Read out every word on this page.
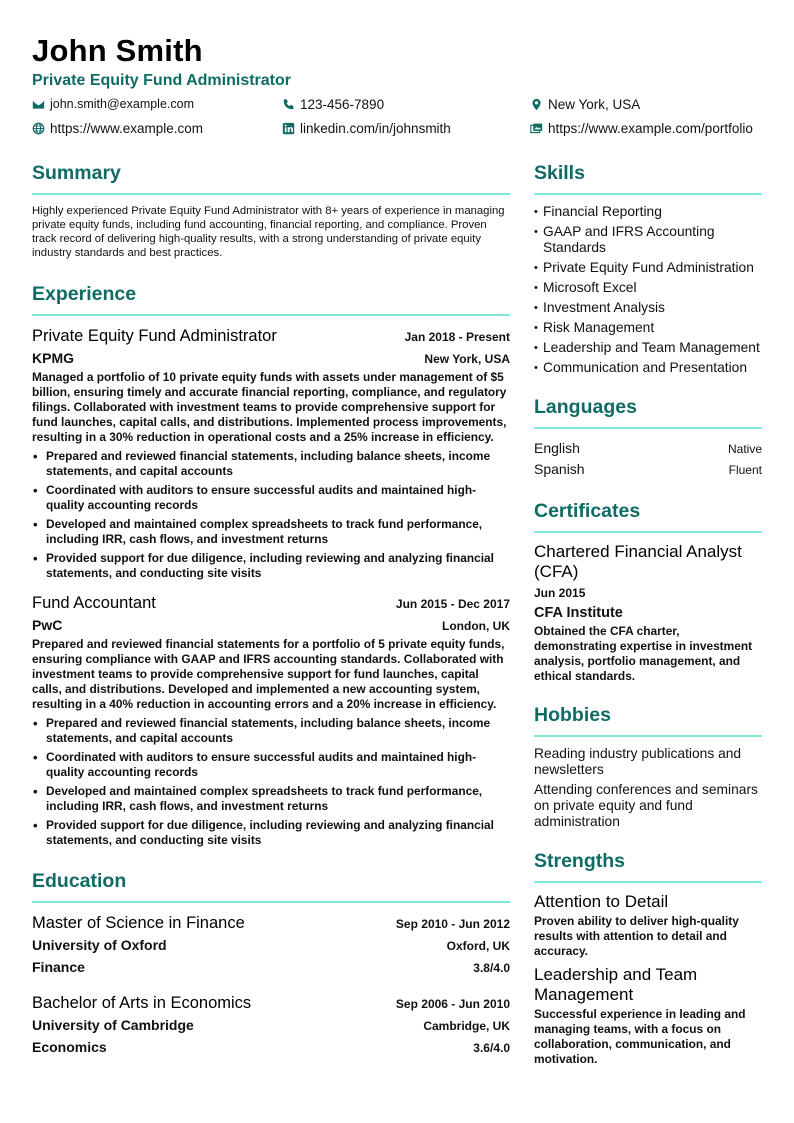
John Smith
Private Equity Fund Administrator
john.smith@example.com	123-456-7890	New York, USA
https://www.example.com	linkedin.com/in/johnsmith	https://www.example.com/portfolio
Summary
Highly experienced Private Equity Fund Administrator with 8+ years of experience in managing private equity funds, including fund accounting, financial reporting, and compliance. Proven track record of delivering high-quality results, with a strong understanding of private equity industry standards and best practices.
Experience
Private Equity Fund Administrator	Jan 2018 - Present
KPMG	New York, USA
Managed a portfolio of 10 private equity funds with assets under management of $5 billion, ensuring timely and accurate financial reporting, compliance, and regulatory filings. Collaborated with investment teams to provide comprehensive support for fund launches, capital calls, and distributions. Implemented process improvements, resulting in a 30% reduction in operational costs and a 25% increase in efficiency.
• Prepared and reviewed financial statements, including balance sheets, income statements, and capital accounts
• Coordinated with auditors to ensure successful audits and maintained high-quality accounting records
• Developed and maintained complex spreadsheets to track fund performance, including IRR, cash flows, and investment returns
• Provided support for due diligence, including reviewing and analyzing financial statements, and conducting site visits
Fund Accountant	Jun 2015 - Dec 2017
PwC	London, UK
Prepared and reviewed financial statements for a portfolio of 5 private equity funds, ensuring compliance with GAAP and IFRS accounting standards. Collaborated with investment teams to provide comprehensive support for fund launches, capital calls, and distributions. Developed and implemented a new accounting system, resulting in a 40% reduction in accounting errors and a 20% increase in efficiency.
• Prepared and reviewed financial statements, including balance sheets, income statements, and capital accounts
• Coordinated with auditors to ensure successful audits and maintained high-quality accounting records
• Developed and maintained complex spreadsheets to track fund performance, including IRR, cash flows, and investment returns
• Provided support for due diligence, including reviewing and analyzing financial statements, and conducting site visits
Education
Master of Science in Finance	Sep 2010 - Jun 2012
University of Oxford	Oxford, UK
Finance	3.8/4.0
Bachelor of Arts in Economics	Sep 2006 - Jun 2010
University of Cambridge	Cambridge, UK
Economics	3.6/4.0
Skills
• Financial Reporting
• GAAP and IFRS Accounting Standards
• Private Equity Fund Administration
• Microsoft Excel
• Investment Analysis
• Risk Management
• Leadership and Team Management
• Communication and Presentation
Languages
English	Native
Spanish	Fluent
Certificates
Chartered Financial Analyst (CFA)
Jun 2015
CFA Institute
Obtained the CFA charter, demonstrating expertise in investment analysis, portfolio management, and ethical standards.
Hobbies
Reading industry publications and newsletters
Attending conferences and seminars on private equity and fund administration
Strengths
Attention to Detail
Proven ability to deliver high-quality results with attention to detail and accuracy.
Leadership and Team Management
Successful experience in leading and managing teams, with a focus on collaboration, communication, and motivation.
